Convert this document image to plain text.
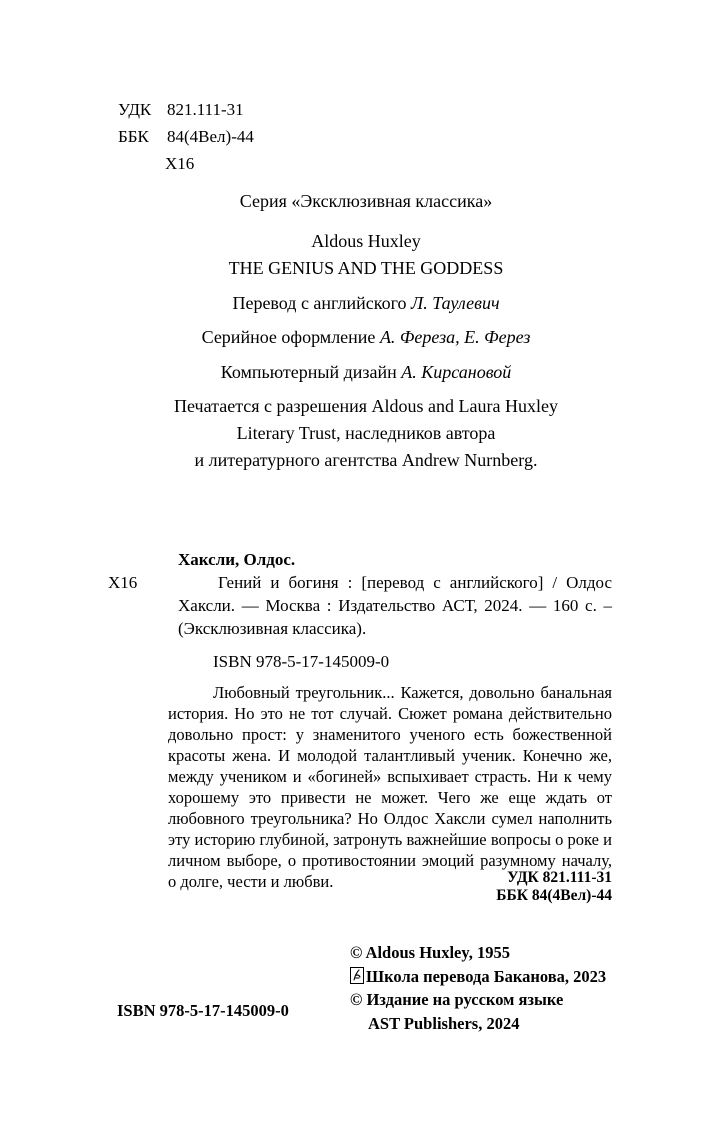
УДК 821.111-31
ББК 84(4Вел)-44
Х16

Серия «Эксклюзивная классика»

Aldous Huxley

THE GENIUS AND THE GODDESS

Перевод с английского Л. Таулевич

Серийное оформление А. Фереза, Е. Ферез

Компьютерный дизайн А. Кирсановой

Печатается с разрешения Aldous and Laura Huxley
Literary Trust, наследников автора
и литературного агентства Andrew Nurnberg.

Хаксли, Олдос.

Х16	Гений и богиня : [перевод с английского] / Олдос Хаксли. — Москва : Издательство АСТ, 2024. — 160 с. – (Эксклюзивная классика).

ISBN 978-5-17-145009-0

Любовный треугольник... Кажется, довольно банальная история. Но это не тот случай. Сюжет романа действительно довольно прост: у знаменитого ученого есть божественной красоты жена. И молодой талантливый ученик. Конечно же, между учеником и «богиней» вспыхивает страсть. Ни к чему хорошему это привести не может. Чего же еще ждать от любовного треугольника? Но Олдос Хаксли сумел наполнить эту историю глубиной, затронуть важнейшие вопросы о роке и личном выборе, о противостоянии эмоций разумному началу, о долге, чести и любви.	УДК 821.111-31
ББК 84(4Вел)-44
© Aldous Huxley, 1955
Школа перевода Баканова, 2023
© Издание на русском языке
AST Publishers, 2024
ISBN 978-5-17-145009-0
